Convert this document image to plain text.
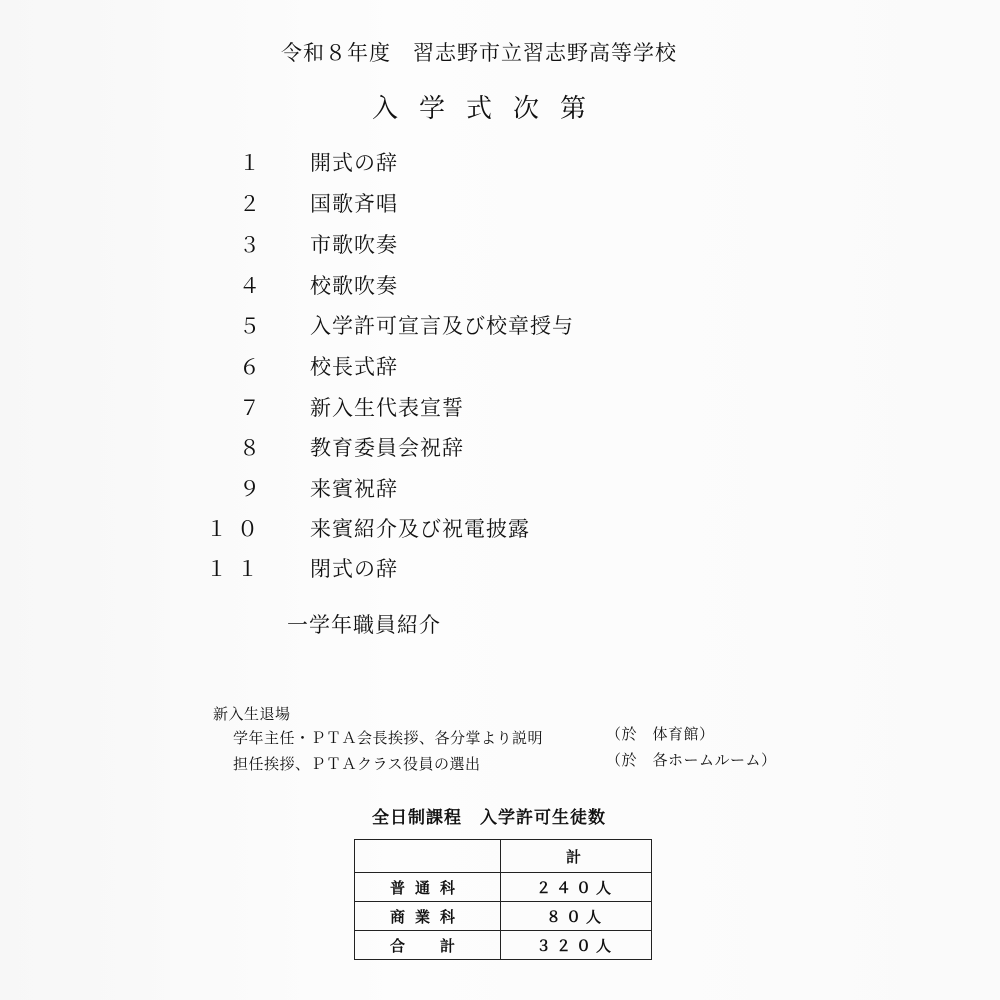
令和８年度　習志野市立習志野高等学校
入学式次第
１ 開式の辞
２ 国歌斉唱
３ 市歌吹奏
４ 校歌吹奏
５ 入学許可宣言及び校章授与
６ 校長式辞
７ 新入生代表宣誓
８ 教育委員会祝辞
９ 来賓祝辞
１０ 来賓紹介及び祝電披露
１１ 閉式の辞
一学年職員紹介
新入生退場
学年主任・ＰＴＡ会長挨拶、各分掌より説明	（於　体育館）
担任挨拶、ＰＴＡクラス役員の選出	（於　各ホームルーム）
全日制課程　入学許可生徒数
	計
普通科	２４０人
商業科	８０人
合　計	３２０人
